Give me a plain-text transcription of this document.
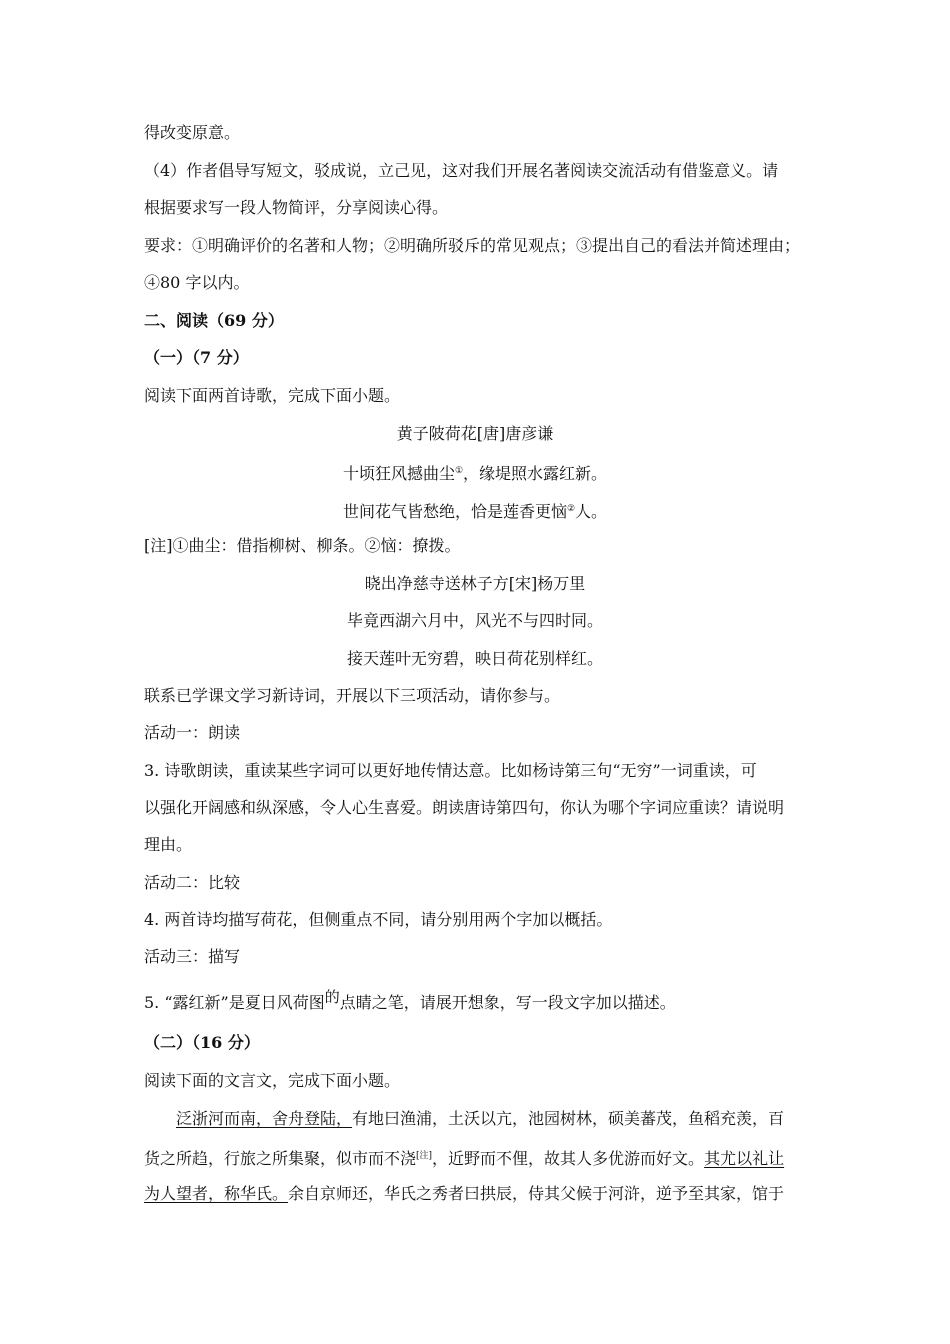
得改变原意。
（4）作者倡导写短文，驳成说，立己见，这对我们开展名著阅读交流活动有借鉴意义。请
根据要求写一段人物简评，分享阅读心得。
要求：①明确评价的名著和人物；②明确所驳斥的常见观点；③提出自己的看法并简述理由；
④80 字以内。
二、阅读（69 分）
（一）（7 分）
阅读下面两首诗歌，完成下面小题。
黄子陂荷花[唐]唐彦谦
十顷狂风撼曲尘①，缘堤照水露红新。
世间花气皆愁绝，恰是莲香更恼②人。
[注]①曲尘：借指柳树、柳条。②恼：撩拨。
晓出净慈寺送林子方[宋]杨万里
毕竟西湖六月中，风光不与四时同。
接天莲叶无穷碧，映日荷花别样红。
联系已学课文学习新诗词，开展以下三项活动，请你参与。
活动一：朗读
3. 诗歌朗读，重读某些字词可以更好地传情达意。比如杨诗第三句“无穷”一词重读，可
以强化开阔感和纵深感，令人心生喜爱。朗读唐诗第四句，你认为哪个字词应重读？请说明
理由。
活动二：比较
4. 两首诗均描写荷花，但侧重点不同，请分别用两个字加以概括。
活动三：描写
5. “露红新”是夏日风荷图的点睛之笔，请展开想象，写一段文字加以描述。
（二）（16 分）
阅读下面的文言文，完成下面小题。
泛浙河而南，舍舟登陆，有地曰渔浦，土沃以亢，池园树林，硕美蕃茂，鱼稻充羡，百
货之所趋，行旅之所集聚，似市而不浇[注]，近野而不俚，故其人多优游而好文。其尤以礼让
为人望者，称华氏。余自京师还，华氏之秀者曰拱辰，侍其父候于河浒，逆予至其家，馆于
